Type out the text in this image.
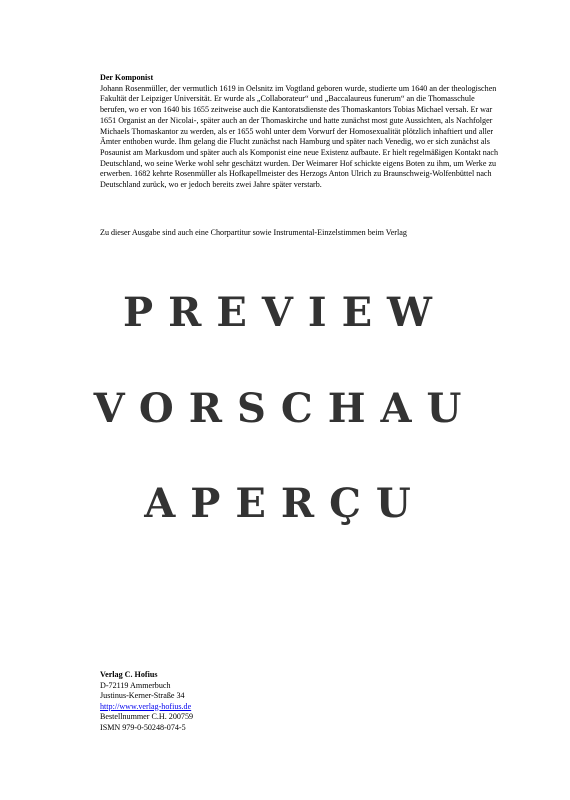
Der Komponist

Johann Rosenmüller, der vermutlich 1619 in Oelsnitz im Vogtland geboren wurde, studierte um 1640 an der theologischen Fakultät der Leipziger Universität. Er wurde als „Collaborateur“ und „Baccalaureus funerum“ an die Thomasschule berufen, wo er von 1640 bis 1655 zeitweise auch die Kantoratsdienste des Thomaskantors Tobias Michael versah. Er war 1651 Organist an der Nicolai-, später auch an der Thomaskirche und hatte zunächst most gute Aussichten, als Nachfolger Michaels Thomaskantor zu werden, als er 1655 wohl unter dem Vorwurf der Homosexualität plötzlich inhaftiert und aller Ämter enthoben wurde. Ihm gelang die Flucht zunächst nach Hamburg und später nach Venedig, wo er sich zunächst als Posaunist am Markusdom und später auch als Komponist eine neue Existenz aufbaute. Er hielt regelmäßigen Kontakt nach Deutschland, wo seine Werke wohl sehr geschätzt wurden. Der Weimarer Hof schickte eigens Boten zu ihm, um Werke zu erwerben. 1682 kehrte Rosenmüller als Hofkapellmeister des Herzogs Anton Ulrich zu Braunschweig-Wolfenbüttel nach Deutschland zurück, wo er jedoch bereits zwei Jahre später verstarb.

Zu dieser Ausgabe sind auch eine Chorpartitur sowie Instrumental-Einzelstimmen beim Verlag
PREVIEW
VORSCHAU
APERÇU
Verlag C. Hofius
D-72119 Ammerbuch
Justinus-Kerner-Straße 34
http://www.verlag-hofius.de
Bestellnummer C.H. 200759
ISMN 979-0-50248-074-5
